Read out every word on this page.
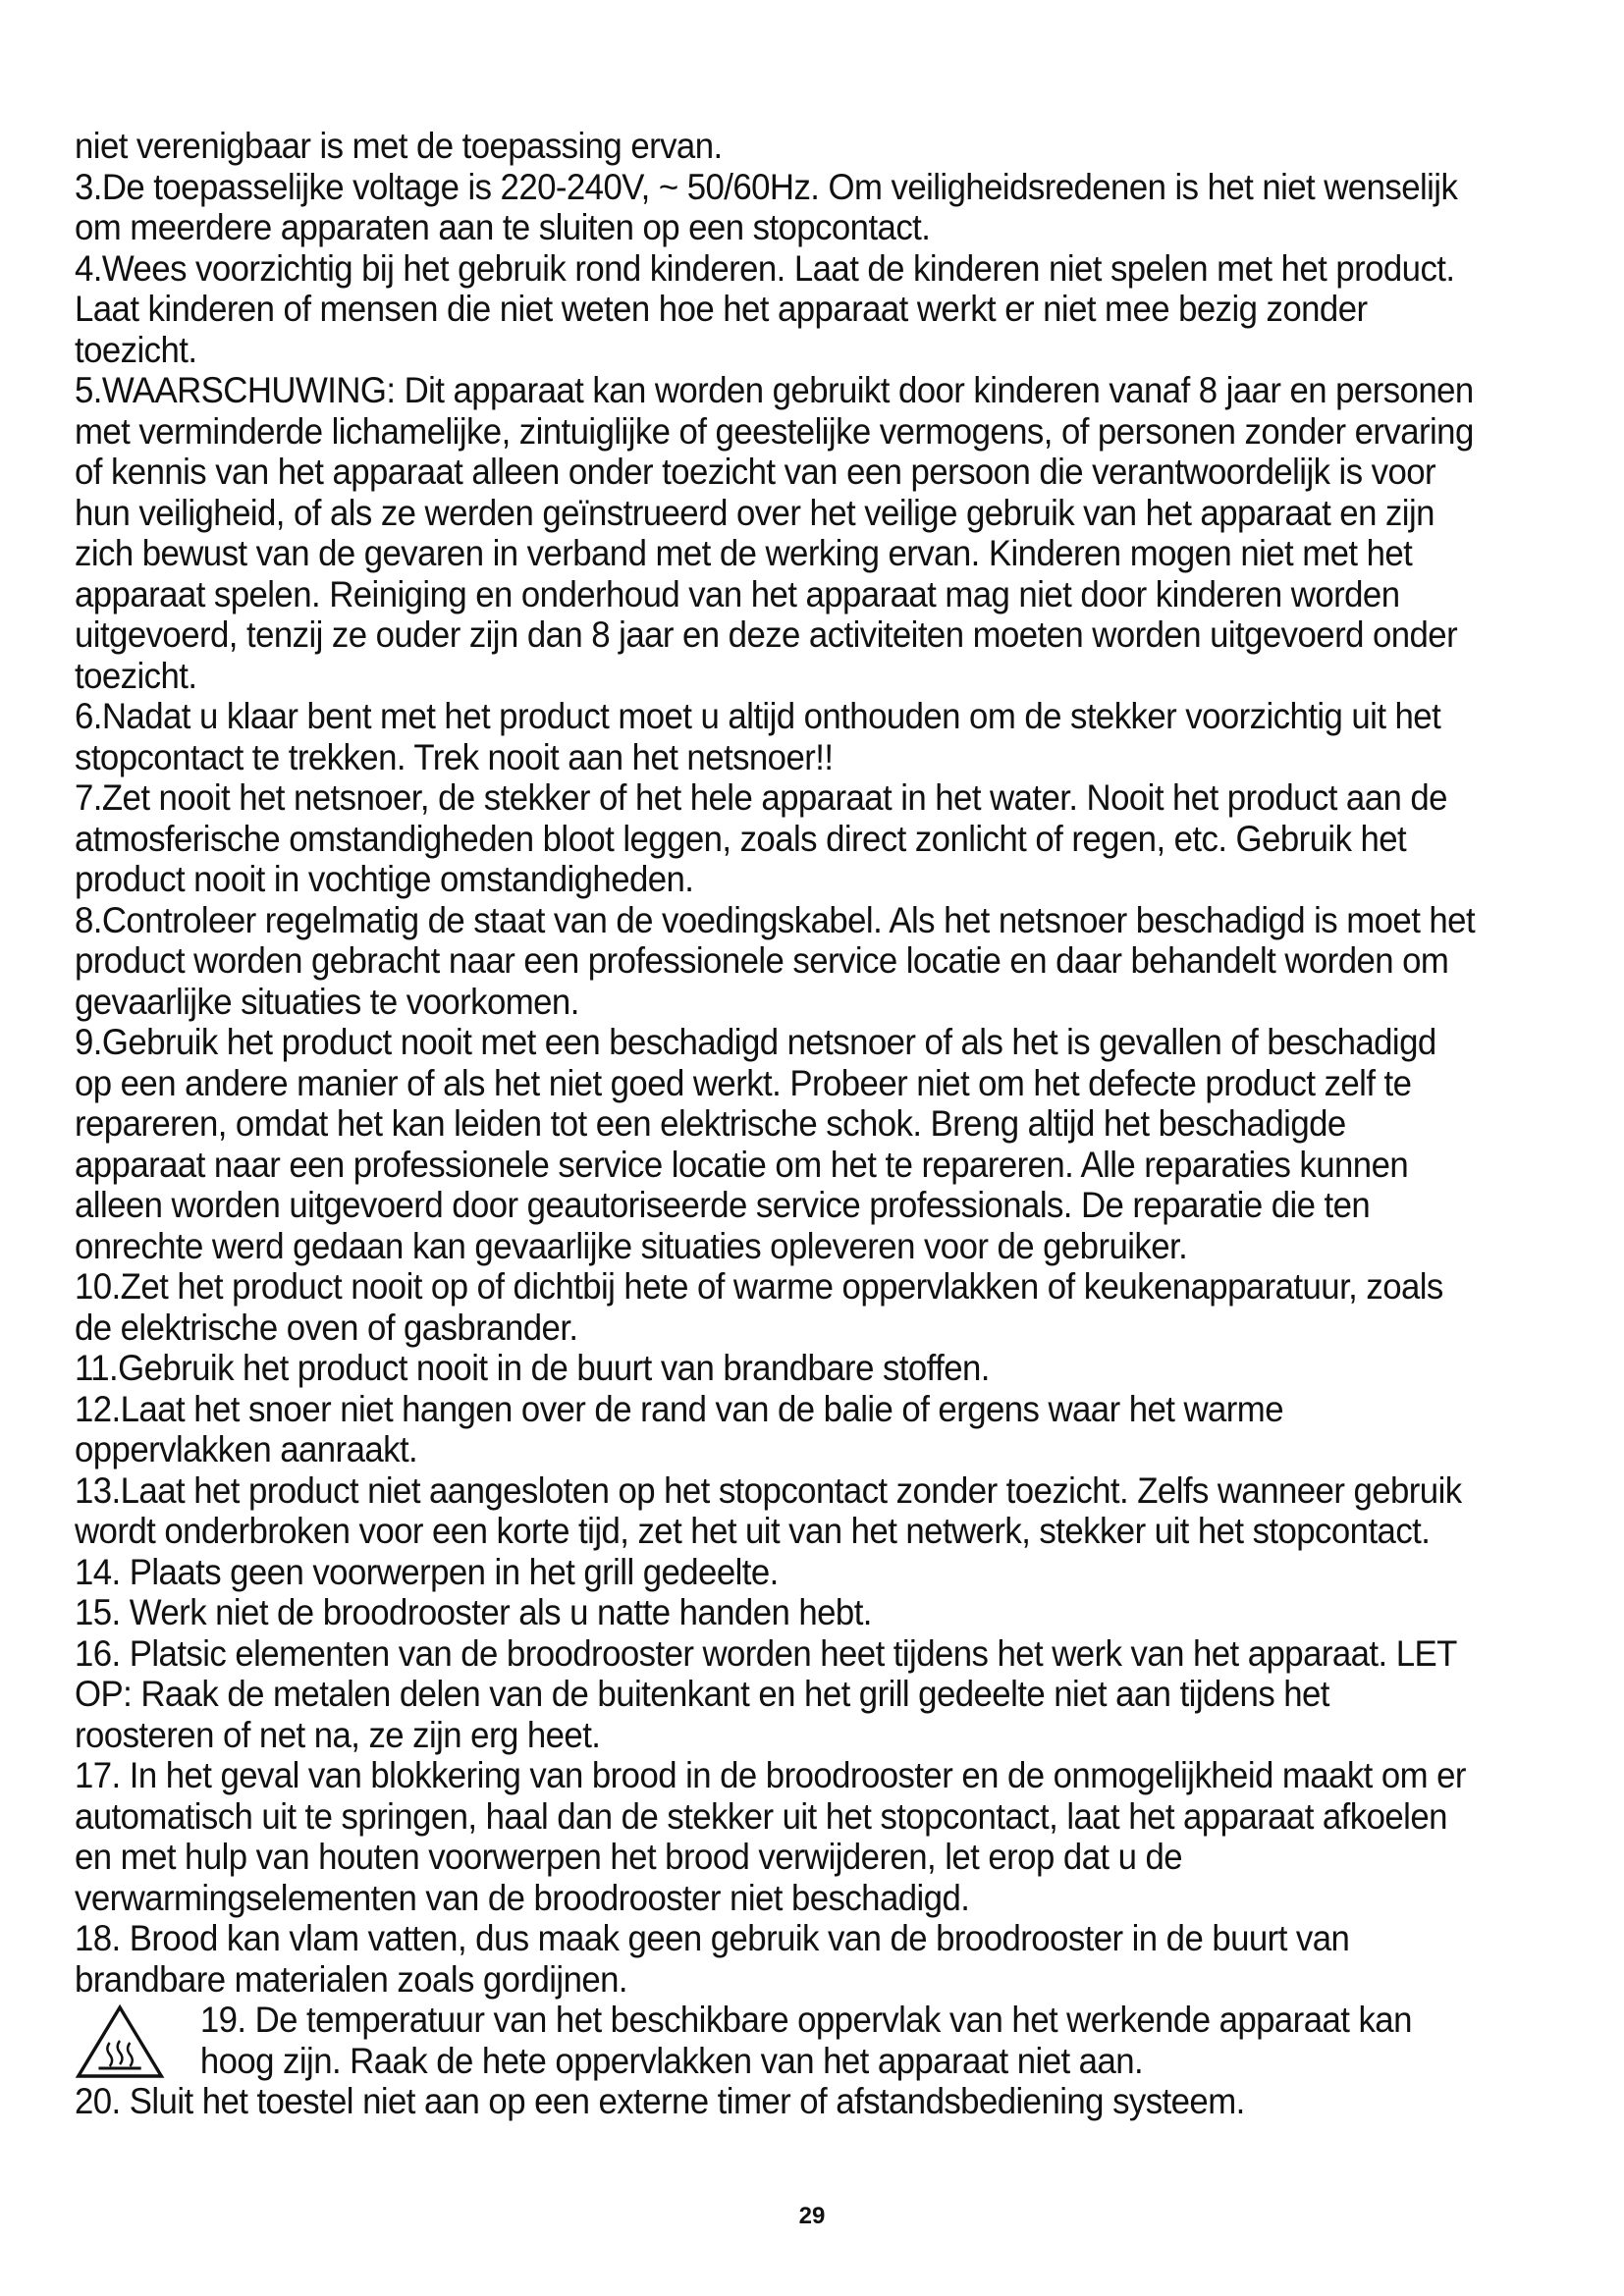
niet verenigbaar is met de toepassing ervan.

3.De toepasselijke voltage is 220-240V, ~ 50/60Hz. Om veiligheidsredenen is het niet wenselijk om meerdere apparaten aan te sluiten op een stopcontact.

4.Wees voorzichtig bij het gebruik rond kinderen. Laat de kinderen niet spelen met het product. Laat kinderen of mensen die niet weten hoe het apparaat werkt er niet mee bezig zonder toezicht.

5.WAARSCHUWING: Dit apparaat kan worden gebruikt door kinderen vanaf 8 jaar en personen met verminderde lichamelijke, zintuiglijke of geestelijke vermogens, of personen zonder ervaring of kennis van het apparaat alleen onder toezicht van een persoon die verantwoordelijk is voor hun veiligheid, of als ze werden geïnstrueerd over het veilige gebruik van het apparaat en zijn zich bewust van de gevaren in verband met de werking ervan. Kinderen mogen niet met het apparaat spelen. Reiniging en onderhoud van het apparaat mag niet door kinderen worden uitgevoerd, tenzij ze ouder zijn dan 8 jaar en deze activiteiten moeten worden uitgevoerd onder toezicht.

6.Nadat u klaar bent met het product moet u altijd onthouden om de stekker voorzichtig uit het stopcontact te trekken. Trek nooit aan het netsnoer!!

7.Zet nooit het netsnoer, de stekker of het hele apparaat in het water. Nooit het product aan de atmosferische omstandigheden bloot leggen, zoals direct zonlicht of regen, etc. Gebruik het product nooit in vochtige omstandigheden.

8.Controleer regelmatig de staat van de voedingskabel. Als het netsnoer beschadigd is moet het product worden gebracht naar een professionele service locatie en daar behandelt worden om gevaarlijke situaties te voorkomen.

9.Gebruik het product nooit met een beschadigd netsnoer of als het is gevallen of beschadigd op een andere manier of als het niet goed werkt. Probeer niet om het defecte product zelf te repareren, omdat het kan leiden tot een elektrische schok. Breng altijd het beschadigde apparaat naar een professionele service locatie om het te repareren. Alle reparaties kunnen alleen worden uitgevoerd door geautoriseerde service professionals. De reparatie die ten onrechte werd gedaan kan gevaarlijke situaties opleveren voor de gebruiker.

10.Zet het product nooit op of dichtbij hete of warme oppervlakken of keukenapparatuur, zoals de elektrische oven of gasbrander.

11.Gebruik het product nooit in de buurt van brandbare stoffen.

12.Laat het snoer niet hangen over de rand van de balie of ergens waar het warme oppervlakken aanraakt.

13.Laat het product niet aangesloten op het stopcontact zonder toezicht. Zelfs wanneer gebruik wordt onderbroken voor een korte tijd, zet het uit van het netwerk, stekker uit het stopcontact.

14. Plaats geen voorwerpen in het grill gedeelte.

15. Werk niet de broodrooster als u natte handen hebt.

16. Platsic elementen van de broodrooster worden heet tijdens het werk van het apparaat. LET OP: Raak de metalen delen van de buitenkant en het grill gedeelte niet aan tijdens het roosteren of net na, ze zijn erg heet.

17. In het geval van blokkering van brood in de broodrooster en de onmogelijkheid maakt om er automatisch uit te springen, haal dan de stekker uit het stopcontact, laat het apparaat afkoelen en met hulp van houten voorwerpen het brood verwijderen, let erop dat u de verwarmingselementen van de broodrooster niet beschadigd.

18. Brood kan vlam vatten, dus maak geen gebruik van de broodrooster in de buurt van brandbare materialen zoals gordijnen.

19. De temperatuur van het beschikbare oppervlak van het werkende apparaat kan hoog zijn. Raak de hete oppervlakken van het apparaat niet aan.

20. Sluit het toestel niet aan op een externe timer of afstandsbediening systeem.

29
